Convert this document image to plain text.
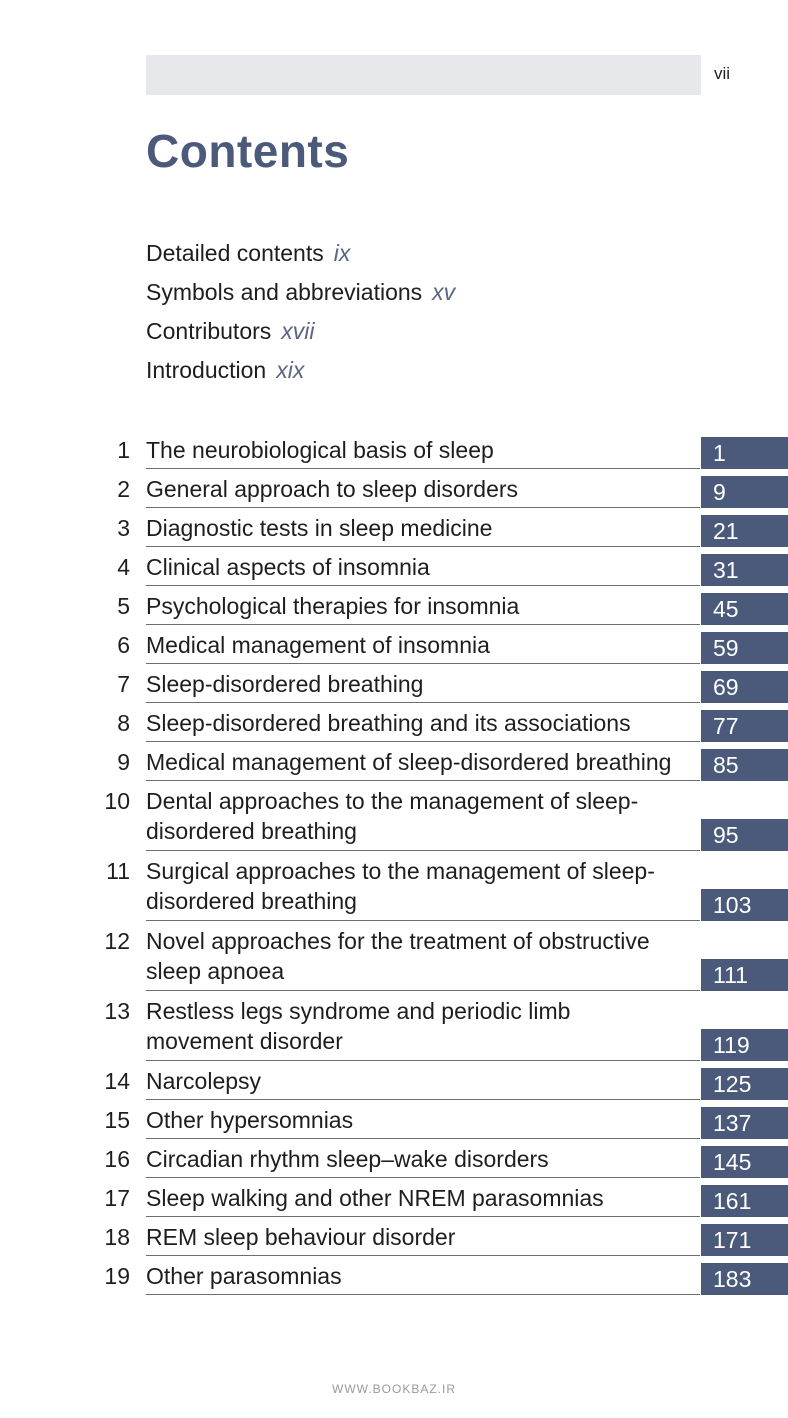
vii
Contents
Detailed contents ix
Symbols and abbreviations xv
Contributors xvii
Introduction xix
1 The neurobiological basis of sleep	1
2 General approach to sleep disorders	9
3 Diagnostic tests in sleep medicine	21
4 Clinical aspects of insomnia	31
5 Psychological therapies for insomnia	45
6 Medical management of insomnia	59
7 Sleep-disordered breathing	69
8 Sleep-disordered breathing and its associations	77
9 Medical management of sleep-disordered breathing	85
10 Dental approaches to the management of sleep-
disordered breathing	95
11 Surgical approaches to the management of sleep-
disordered breathing	103
12 Novel approaches for the treatment of obstructive
sleep apnoea	111
13 Restless legs syndrome and periodic limb
movement disorder	119
14 Narcolepsy	125
15 Other hypersomnias	137
16 Circadian rhythm sleep–wake disorders	145
17 Sleep walking and other NREM parasomnias	161
18 REM sleep behaviour disorder	171
19 Other parasomnias	183
WWW.BOOKBAZ.IR
